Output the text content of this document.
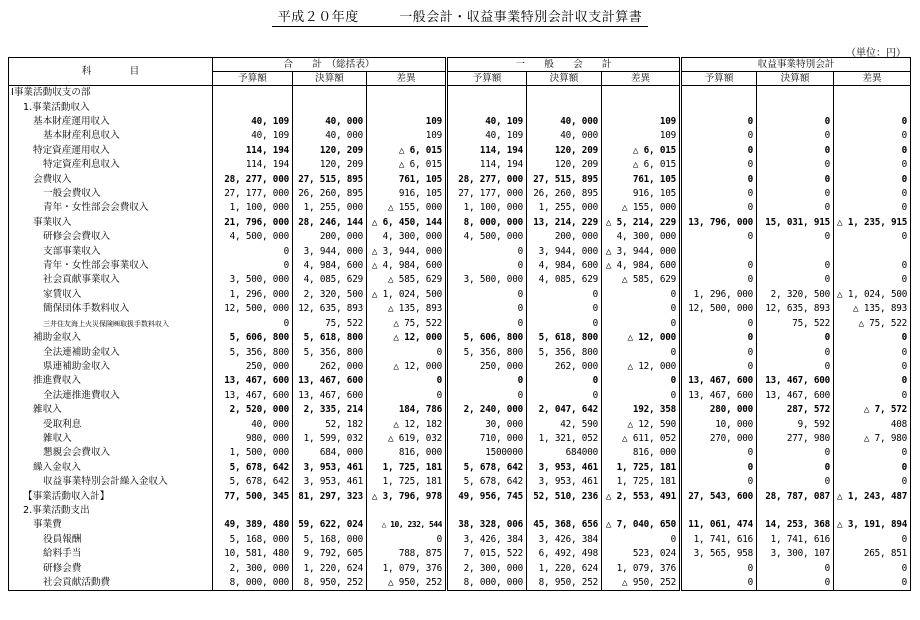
平成２０年度　　　一般会計・収益事業特別会計収支計算書
（単位：円）
科　　　　目	合　　計　（総括表）			一　　般　　会　　計			収益事業特別会計		
	予算額	決算額	差異	予算額	決算額	差異	予算額	決算額	差異
Ⅰ事業活動収支の部									
1.事業活動収入									
基本財産運用収入	40, 109	40, 000	109	40, 109	40, 000	109	0	0	0
基本財産利息収入	40, 109	40, 000	109	40, 109	40, 000	109	0	0	0
特定資産運用収入	114, 194	120, 209	△ 6, 015	114, 194	120, 209	△ 6, 015	0	0	0
特定資産利息収入	114, 194	120, 209	△ 6, 015	114, 194	120, 209	△ 6, 015	0	0	0
会費収入	28, 277, 000	27, 515, 895	761, 105	28, 277, 000	27, 515, 895	761, 105	0	0	0
一般会費収入	27, 177, 000	26, 260, 895	916, 105	27, 177, 000	26, 260, 895	916, 105	0	0	0
青年・女性部会会費収入	1, 100, 000	1, 255, 000	△ 155, 000	1, 100, 000	1, 255, 000	△ 155, 000	0	0	0
事業収入	21, 796, 000	28, 246, 144	△ 6, 450, 144	8, 000, 000	13, 214, 229	△ 5, 214, 229	13, 796, 000	15, 031, 915	△ 1, 235, 915
研修会会費収入	4, 500, 000	200, 000	4, 300, 000	4, 500, 000	200, 000	4, 300, 000	0	0	0
支部事業収入	0	3, 944, 000	△ 3, 944, 000	0	3, 944, 000	△ 3, 944, 000			
青年・女性部会事業収入	0	4, 984, 600	△ 4, 984, 600	0	4, 984, 600	△ 4, 984, 600	0	0	0
社会貢献事業収入	3, 500, 000	4, 085, 629	△ 585, 629	3, 500, 000	4, 085, 629	△ 585, 629	0	0	0
家賃収入	1, 296, 000	2, 320, 500	△ 1, 024, 500	0	0	0	1, 296, 000	2, 320, 500	△ 1, 024, 500
簡保団体手数料収入	12, 500, 000	12, 635, 893	△ 135, 893	0	0	0	12, 500, 000	12, 635, 893	△ 135, 893
三井住友海上火災保険㈱取扱手数料収入	0	75, 522	△ 75, 522	0	0	0	0	75, 522	△ 75, 522
補助金収入	5, 606, 800	5, 618, 800	△ 12, 000	5, 606, 800	5, 618, 800	△ 12, 000	0	0	0
全法連補助金収入	5, 356, 800	5, 356, 800	0	5, 356, 800	5, 356, 800	0	0	0	0
県連補助金収入	250, 000	262, 000	△ 12, 000	250, 000	262, 000	△ 12, 000	0	0	0
推進費収入	13, 467, 600	13, 467, 600	0	0	0	0	13, 467, 600	13, 467, 600	0
全法連推進費収入	13, 467, 600	13, 467, 600	0	0	0	0	13, 467, 600	13, 467, 600	0
雑収入	2, 520, 000	2, 335, 214	184, 786	2, 240, 000	2, 047, 642	192, 358	280, 000	287, 572	△ 7, 572
受取利息	40, 000	52, 182	△ 12, 182	30, 000	42, 590	△ 12, 590	10, 000	9, 592	408
雑収入	980, 000	1, 599, 032	△ 619, 032	710, 000	1, 321, 052	△ 611, 052	270, 000	277, 980	△ 7, 980
懇親会会費収入	1, 500, 000	684, 000	816, 000	1500000	684000	816, 000	0	0	0
繰入金収入	5, 678, 642	3, 953, 461	1, 725, 181	5, 678, 642	3, 953, 461	1, 725, 181	0	0	0
収益事業特別会計繰入金収入	5, 678, 642	3, 953, 461	1, 725, 181	5, 678, 642	3, 953, 461	1, 725, 181	0	0	0
【事業活動収入計】	77, 500, 345	81, 297, 323	△ 3, 796, 978	49, 956, 745	52, 510, 236	△ 2, 553, 491	27, 543, 600	28, 787, 087	△ 1, 243, 487
2.事業活動支出									
事業費	49, 389, 480	59, 622, 024	△ 10, 232, 544	38, 328, 006	45, 368, 656	△ 7, 040, 650	11, 061, 474	14, 253, 368	△ 3, 191, 894
役員報酬	5, 168, 000	5, 168, 000	0	3, 426, 384	3, 426, 384	0	1, 741, 616	1, 741, 616	0
給料手当	10, 581, 480	9, 792, 605	788, 875	7, 015, 522	6, 492, 498	523, 024	3, 565, 958	3, 300, 107	265, 851
研修会費	2, 300, 000	1, 220, 624	1, 079, 376	2, 300, 000	1, 220, 624	1, 079, 376	0	0	0
社会貢献活動費	8, 000, 000	8, 950, 252	△ 950, 252	8, 000, 000	8, 950, 252	△ 950, 252	0	0	0
